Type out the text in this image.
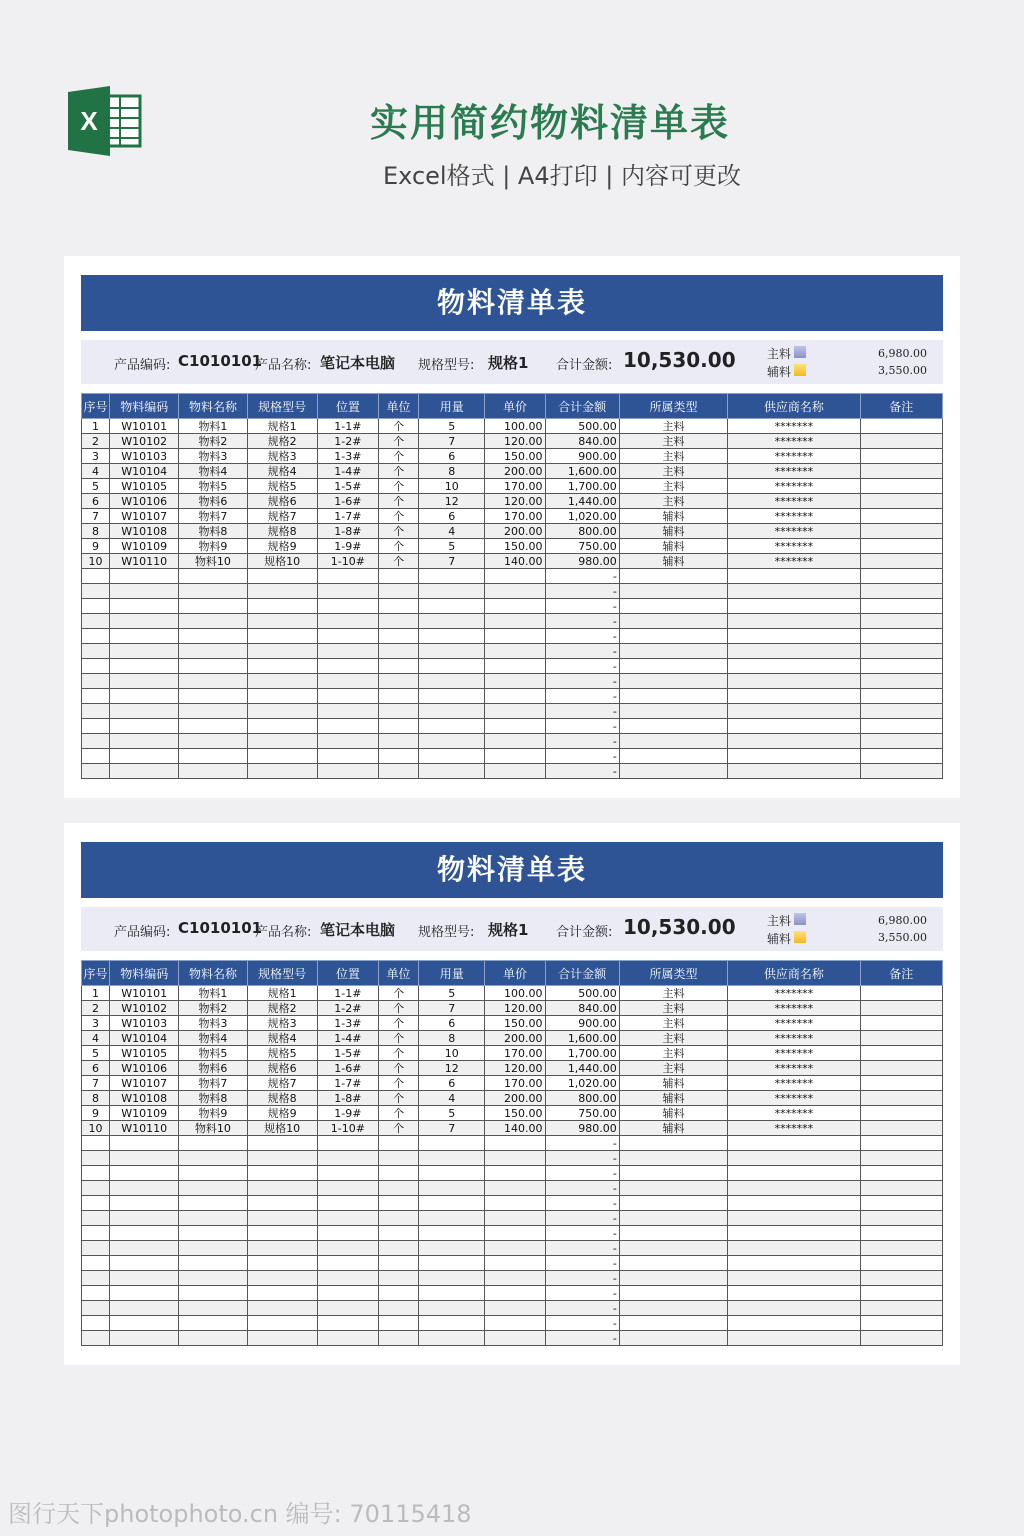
X	实用简约物料清单表
Excel格式 | A4打印 | 内容可更改
物料清单表
产品编码: C1010101
产品名称: 笔记本电脑 规格型号: 规格1 合计金额: 10,530.00	主料	6,980.00
辅料	3,550.00
序号	物料编码	物料名称	规格型号	位置	单位	用量	单价	合计金额	所属类型	供应商名称	备注
1	W10101	物料1	规格1	1-1#	个	5	100.00	500.00	主料	*******	
2	W10102	物料2	规格2	1-2#	个	7	120.00	840.00	主料	*******	
3	W10103	物料3	规格3	1-3#	个	6	150.00	900.00	主料	*******	
4	W10104	物料4	规格4	1-4#	个	8	200.00	1,600.00	主料	*******	
5	W10105	物料5	规格5	1-5#	个	10	170.00	1,700.00	主料	*******	
6	W10106	物料6	规格6	1-6#	个	12	120.00	1,440.00	主料	*******	
7	W10107	物料7	规格7	1-7#	个	6	170.00	1,020.00	辅料	*******	
8	W10108	物料8	规格8	1-8#	个	4	200.00	800.00	辅料	*******	
9	W10109	物料9	规格9	1-9#	个	5	150.00	750.00	辅料	*******	
10	W10110	物料10	规格10	1-10#	个	7	140.00	980.00	辅料	*******	
								-			
								-			
								-			
								-			
								-			
								-			
								-			
								-			
								-			
								-			
								-			
								-			
								-			
								-			
物料清单表
产品编码: C1010101
产品名称: 笔记本电脑 规格型号: 规格1 合计金额: 10,530.00	主料	6,980.00
辅料	3,550.00
序号	物料编码	物料名称	规格型号	位置	单位	用量	单价	合计金额	所属类型	供应商名称	备注
1	W10101	物料1	规格1	1-1#	个	5	100.00	500.00	主料	*******	
2	W10102	物料2	规格2	1-2#	个	7	120.00	840.00	主料	*******	
3	W10103	物料3	规格3	1-3#	个	6	150.00	900.00	主料	*******	
4	W10104	物料4	规格4	1-4#	个	8	200.00	1,600.00	主料	*******	
5	W10105	物料5	规格5	1-5#	个	10	170.00	1,700.00	主料	*******	
6	W10106	物料6	规格6	1-6#	个	12	120.00	1,440.00	主料	*******	
7	W10107	物料7	规格7	1-7#	个	6	170.00	1,020.00	辅料	*******	
8	W10108	物料8	规格8	1-8#	个	4	200.00	800.00	辅料	*******	
9	W10109	物料9	规格9	1-9#	个	5	150.00	750.00	辅料	*******	
10	W10110	物料10	规格10	1-10#	个	7	140.00	980.00	辅料	*******	
								-			
								-			
								-			
								-			
								-			
								-			
								-			
								-			
								-			
								-			
								-			
								-			
								-			
								-			
图行天下photophoto.cn 编号: 70115418
